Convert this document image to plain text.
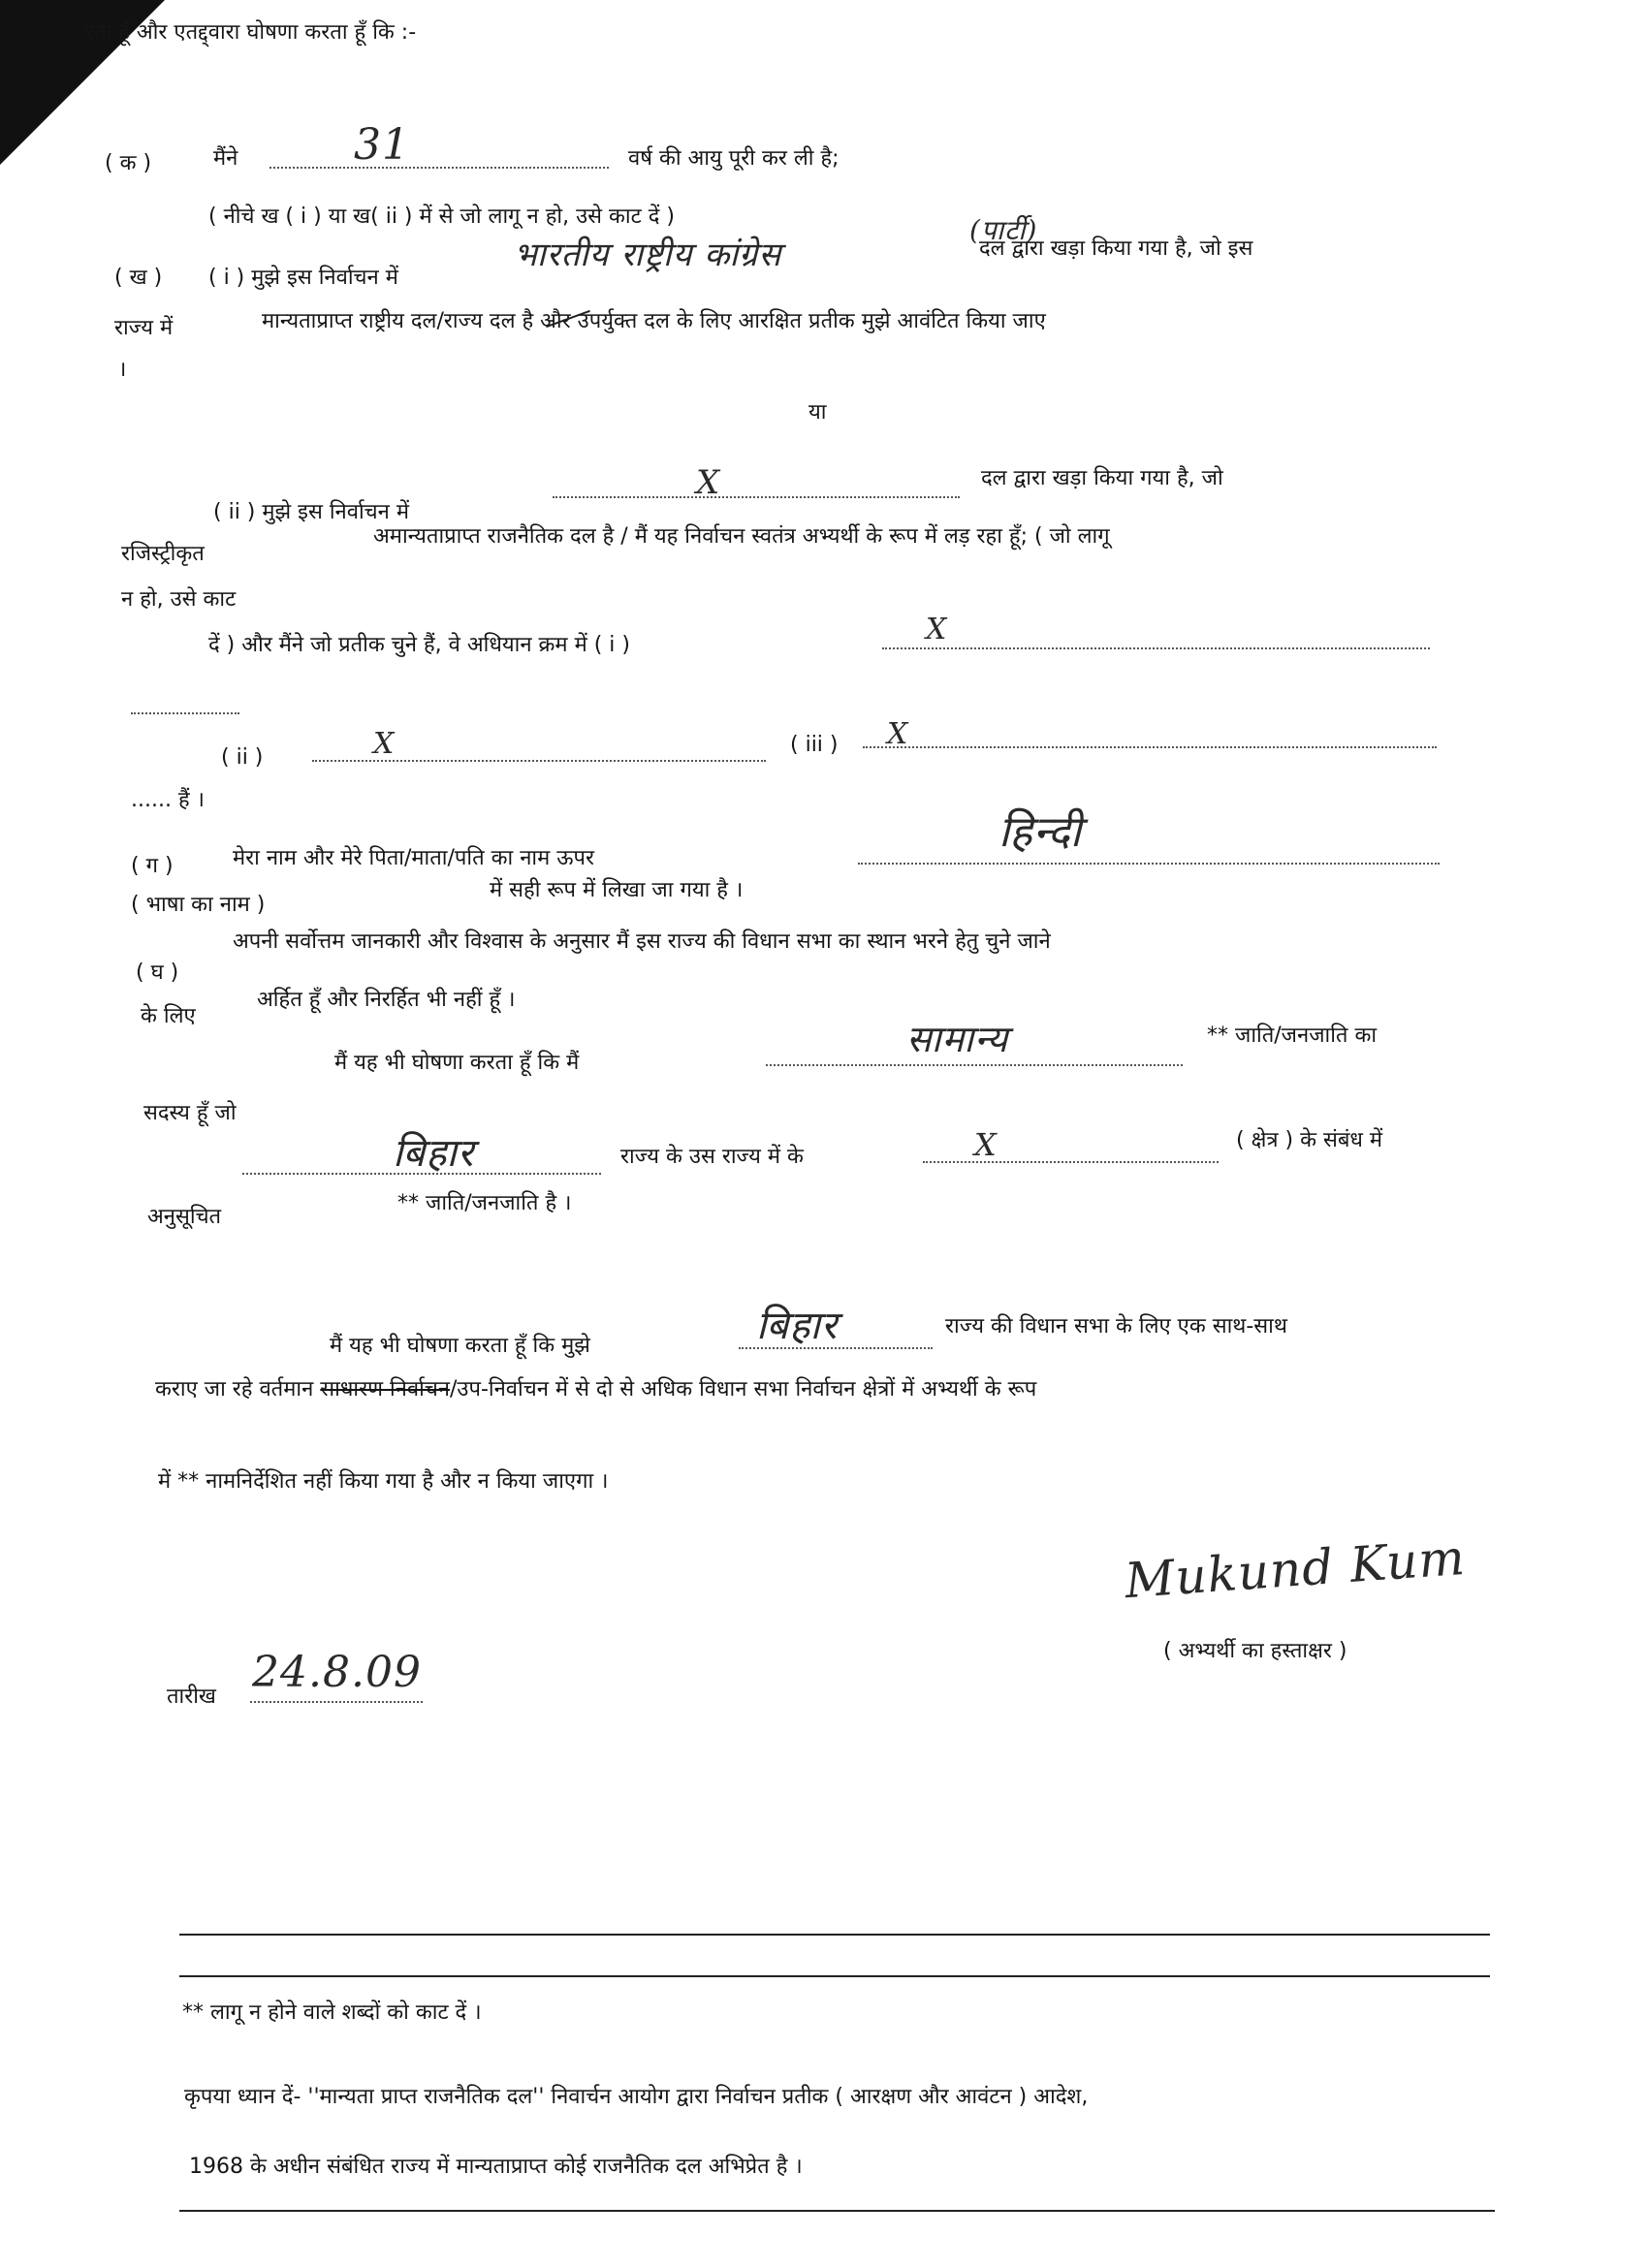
रता हूँ और एतद्द्वारा घोषणा करता हूँ कि :-
( क )	मैंने	31	वर्ष की आयु पूरी कर ली है;
( नीचे ख ( i ) या ख( ii ) में से जो लागू न हो, उसे काट दें )
( ख ) ( i ) मुझे इस निर्वाचन में
भारतीय राष्ट्रीय कांग्रेस
(पार्टी)
दल द्वारा खड़ा किया गया है, जो इस
राज्य में	मान्यताप्राप्त राष्ट्रीय दल/राज्य दल है और उपर्युक्त दल के लिए आरक्षित प्रतीक मुझे आवंटित किया जाए
।
या
( ii ) मुझे इस निर्वाचन में
X	दल द्वारा खड़ा किया गया है, जो
रजिस्ट्रीकृत
अमान्यताप्राप्त राजनैतिक दल है / मैं यह निर्वाचन स्वतंत्र अभ्यर्थी के रूप में लड़ रहा हूँ; ( जो लागू
न हो, उसे काट
दें ) और मैंने जो प्रतीक चुने हैं, वे अधियान क्रम में ( i )	X
( ii )	X	( iii ) X
...... हैं ।
( ग )	मेरा नाम और मेरे पिता/माता/पति का नाम ऊपर
हिन्दी
( भाषा का नाम )
में सही रूप में लिखा जा गया है ।
( घ )
अपनी सर्वोत्तम जानकारी और विश्वास के अनुसार मैं इस राज्य की विधान सभा का स्थान भरने हेतु चुने जाने
के लिए
अर्हित हूँ और निरर्हित भी नहीं हूँ ।
मैं यह भी घोषणा करता हूँ कि मैं
सामान्य	** जाति/जनजाति का
सदस्य हूँ जो
बिहार	राज्य के उस राज्य में के	X	( क्षेत्र ) के संबंध में
अनुसूचित
** जाति/जनजाति है ।
मैं यह भी घोषणा करता हूँ कि मुझे	बिहार	राज्य की विधान सभा के लिए एक साथ-साथ
कराए जा रहे वर्तमान साधारण निर्वाचन/उप-निर्वाचन में से दो से अधिक विधान सभा निर्वाचन क्षेत्रों में अभ्यर्थी के रूप
में ** नामनिर्देशित नहीं किया गया है और न किया जाएगा ।
Mukund Kum
( अभ्यर्थी का हस्ताक्षर )
तारीख 24.8.09
** लागू न होने वाले शब्दों को काट दें ।
कृपया ध्यान दें- ''मान्यता प्राप्त राजनैतिक दल'' निवार्चन आयोग द्वारा निर्वाचन प्रतीक ( आरक्षण और आवंटन ) आदेश,
1968 के अधीन संबंधित राज्य में मान्यताप्राप्त कोई राजनैतिक दल अभिप्रेत है ।
